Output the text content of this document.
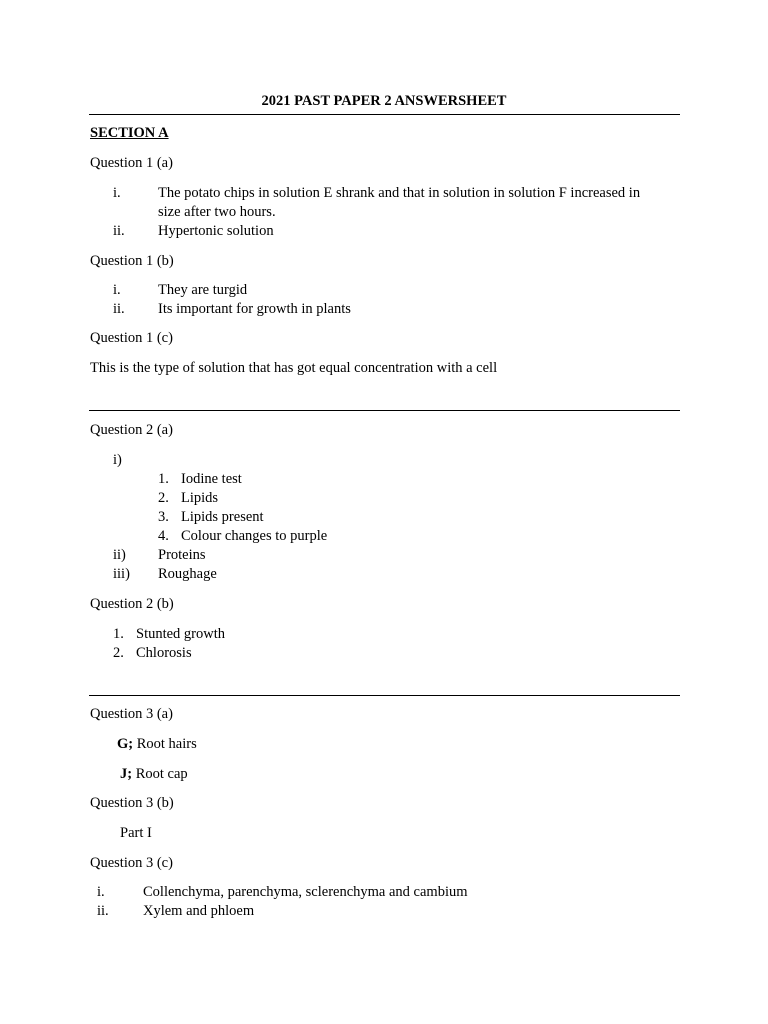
2021 PAST PAPER 2 ANSWERSHEET
SECTION A
Question 1 (a)
i.	The potato chips in solution E shrank and that in solution in solution F increased in
size after two hours.
ii. Hypertonic solution
Question 1 (b)
i.	They are turgid
ii. Its important for growth in plants
Question 1 (c)
This is the type of solution that has got equal concentration with a cell
Question 2 (a)
i)
1. Iodine test
2. Lipids
3. Lipids present
4. Colour changes to purple
ii) Proteins
iii) Roughage
Question 2 (b)
1. Stunted growth
2. Chlorosis
Question 3 (a)
G; Root hairs
J; Root cap
Question 3 (b)
Part I
Question 3 (c)
i.	Collenchyma, parenchyma, sclerenchyma and cambium
ii. Xylem and phloem
